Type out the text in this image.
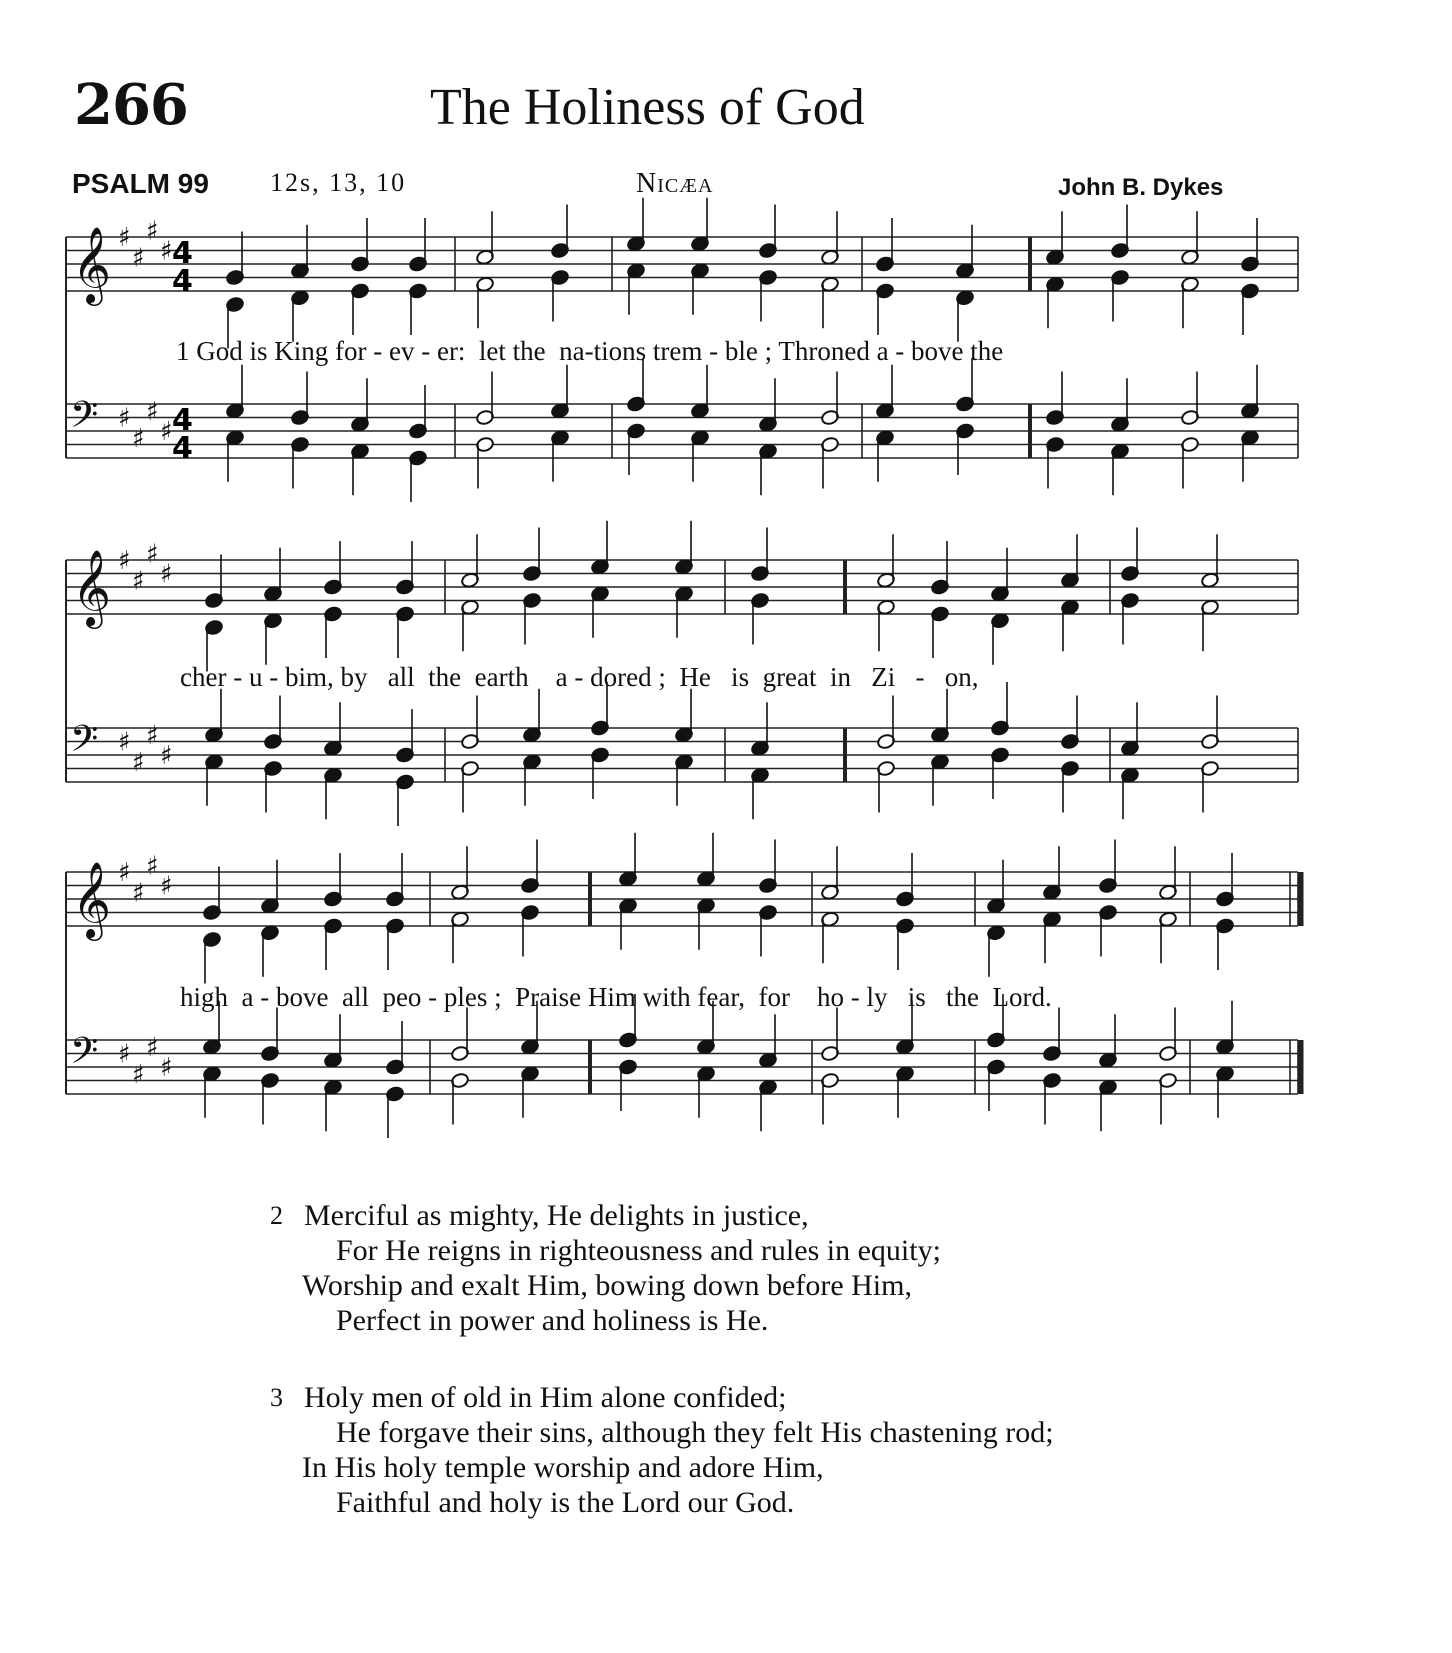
266	The Holiness of God
PSALM 99 12s, 13, 10	Nicæa	John B. Dykes
♯
♯
♯
♯
𝄞 4
4
♯
♯
♯
♯
𝄢 4
4
♯
♯
♯
♯
𝄞
♯
♯
♯
♯
𝄢
♯
♯
♯
♯
𝄞
♯
♯
♯
♯
𝄢
1 God is King for - ev - er:  let the  na-tions trem - ble ; Throned a - bove the
cher - u - bim, by   all  the  earth    a - dored ;  He   is  great  in   Zi   -   on,
high  a - bove  all  peo - ples ;  Praise Him with fear,  for    ho - ly   is   the  Lord.
2 Merciful as mighty, He delights in justice,
For He reigns in righteousness and rules in equity;
Worship and exalt Him, bowing down before Him,
Perfect in power and holiness is He.
3 Holy men of old in Him alone confided;
He forgave their sins, although they felt His chastening rod;
In His holy temple worship and adore Him,
Faithful and holy is the Lord our God.
